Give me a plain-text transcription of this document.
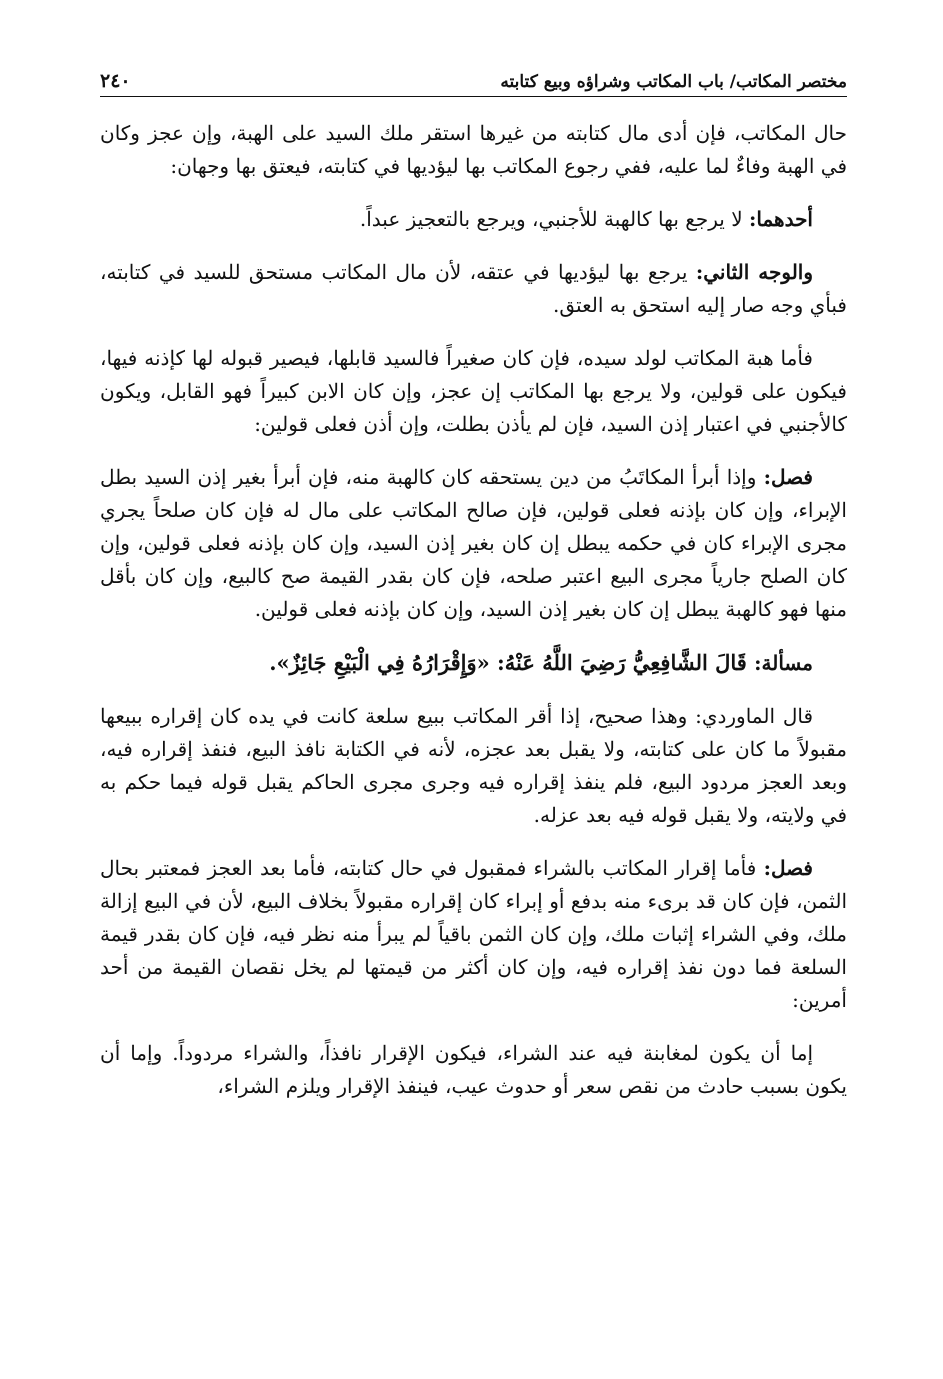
مختصر المكاتب/ باب المكاتب وشراؤه وبيع كتابته
٢٤٠

حال المكاتب، فإن أدى مال كتابته من غيرها استقر ملك السيد على الهبة، وإن عجز وكان في الهبة وفاءٌ لما عليه، ففي رجوع المكاتب بها ليؤديها في كتابته، فيعتق بها وجهان:

أحدهما: لا يرجع بها كالهبة للأجنبي، ويرجع بالتعجيز عبداً.

والوجه الثاني: يرجع بها ليؤديها في عتقه، لأن مال المكاتب مستحق للسيد في كتابته، فبأي وجه صار إليه استحق به العتق.

فأما هبة المكاتب لولد سيده، فإن كان صغيراً فالسيد قابلها، فيصير قبوله لها كإذنه فيها، فيكون على قولين، ولا يرجع بها المكاتب إن عجز، وإن كان الابن كبيراً فهو القابل، ويكون كالأجنبي في اعتبار إذن السيد، فإن لم يأذن بطلت، وإن أذن فعلى قولين:

فصل: وإذا أبرأ المكاتَبُ من دين يستحقه كان كالهبة منه، فإن أبرأ بغير إذن السيد بطل الإبراء، وإن كان بإذنه فعلى قولين، فإن صالح المكاتب على مال له فإن كان صلحاً يجري مجرى الإبراء كان في حكمه يبطل إن كان بغير إذن السيد، وإن كان بإذنه فعلى قولين، وإن كان الصلح جارياً مجرى البيع اعتبر صلحه، فإن كان بقدر القيمة صح كالبيع، وإن كان بأقل منها فهو كالهبة يبطل إن كان بغير إذن السيد، وإن كان بإذنه فعلى قولين.

مسألة: قَالَ الشَّافِعِيُّ رَضِيَ اللَّهُ عَنْهُ: «وَإِقْرَارُهُ فِي الْبَيْعِ جَائِزٌ».

قال الماوردي: وهذا صحيح، إذا أقر المكاتب ببيع سلعة كانت في يده كان إقراره ببيعها مقبولاً ما كان على كتابته، ولا يقبل بعد عجزه، لأنه في الكتابة نافذ البيع، فنفذ إقراره فيه، وبعد العجز مردود البيع، فلم ينفذ إقراره فيه وجرى مجرى الحاكم يقبل قوله فيما حكم به في ولايته، ولا يقبل قوله فيه بعد عزله.

فصل: فأما إقرار المكاتب بالشراء فمقبول في حال كتابته، فأما بعد العجز فمعتبر بحال الثمن، فإن كان قد برىء منه بدفع أو إبراء كان إقراره مقبولاً بخلاف البيع، لأن في البيع إزالة ملك، وفي الشراء إثبات ملك، وإن كان الثمن باقياً لم يبرأ منه نظر فيه، فإن كان بقدر قيمة السلعة فما دون نفذ إقراره فيه، وإن كان أكثر من قيمتها لم يخل نقصان القيمة من أحد أمرين:

إما أن يكون لمغابنة فيه عند الشراء، فيكون الإقرار نافذاً، والشراء مردوداً. وإما أن يكون بسبب حادث من نقص سعر أو حدوث عيب، فينفذ الإقرار ويلزم الشراء،
